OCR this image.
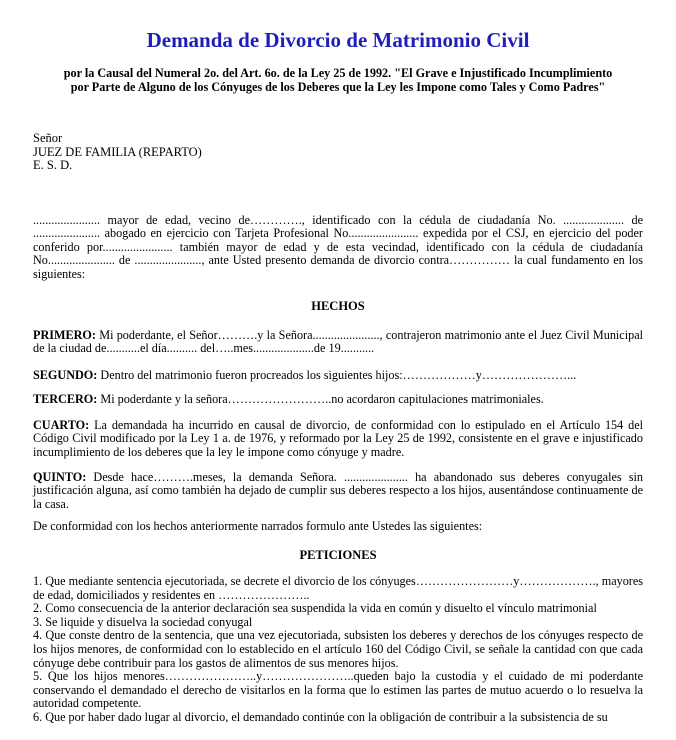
Demanda de Divorcio de Matrimonio Civil
por la Causal del Numeral 2o. del Art. 6o. de la Ley 25 de 1992. "El Grave e Injustificado Incumplimiento por Parte de Alguno de los Cónyuges de los Deberes que la Ley les Impone como Tales y Como Padres"
Señor
JUEZ DE FAMILIA (REPARTO)
E. S. D.
...................... mayor de edad, vecino de…………., identificado con la cédula de ciudadanía No. .................... de ...................... abogado en ejercicio con Tarjeta Profesional No....................... expedida por el CSJ, en ejercicio del poder conferido por....................... también mayor de edad y de esta vecindad, identificado con la cédula de ciudadanía No...................... de ......................, ante Usted presento demanda de divorcio contra…………… la cual fundamento en los siguientes:
HECHOS
PRIMERO: Mi poderdante, el Señor……….y la Señora......................, contrajeron matrimonio ante el Juez Civil Municipal de la ciudad de...........el día.......... del…..mes....................de 19...........
SEGUNDO: Dentro del matrimonio fueron procreados los siguientes hijos:………………y…………………...
TERCERO: Mi poderdante y la señora……………………..no acordaron capitulaciones matrimoniales.
CUARTO: La demandada ha incurrido en causal de divorcio, de conformidad con lo estipulado en el Artículo 154 del Código Civil modificado por la Ley 1 a. de 1976, y reformado por la Ley 25 de 1992, consistente en el grave e injustificado incumplimiento de los deberes que la ley le impone como cónyuge y madre.
QUINTO: Desde hace……….meses, la demanda Señora. ..................... ha abandonado sus deberes conyugales sin justificación alguna, así como también ha dejado de cumplir sus deberes respecto a los hijos, ausentándose continuamente de la casa.
De conformidad con los hechos anteriormente narrados formulo ante Ustedes las siguientes:
PETICIONES

1. Que mediante sentencia ejecutoriada, se decrete el divorcio de los cónyuges……………………y………………., mayores de edad, domiciliados y residentes en …………………..

2. Como consecuencia de la anterior declaración sea suspendida la vida en común y disuelto el vínculo matrimonial

3. Se liquide y disuelva la sociedad conyugal

4. Que conste dentro de la sentencia, que una vez ejecutoriada, subsisten los deberes y derechos de los cónyuges respecto de los hijos menores, de conformidad con lo establecido en el artículo 160 del Código Civil, se señale la cantidad con que cada cónyuge debe contribuir para los gastos de alimentos de sus menores hijos.

5. Que los hijos menores…………………..y…………………..queden bajo la custodia y el cuidado de mi poderdante conservando el demandado el derecho de visitarlos en la forma que lo estimen las partes de mutuo acuerdo o lo resuelva la autoridad competente.

6. Que por haber dado lugar al divorcio, el demandado continúe con la obligación de contribuir a la subsistencia de su
